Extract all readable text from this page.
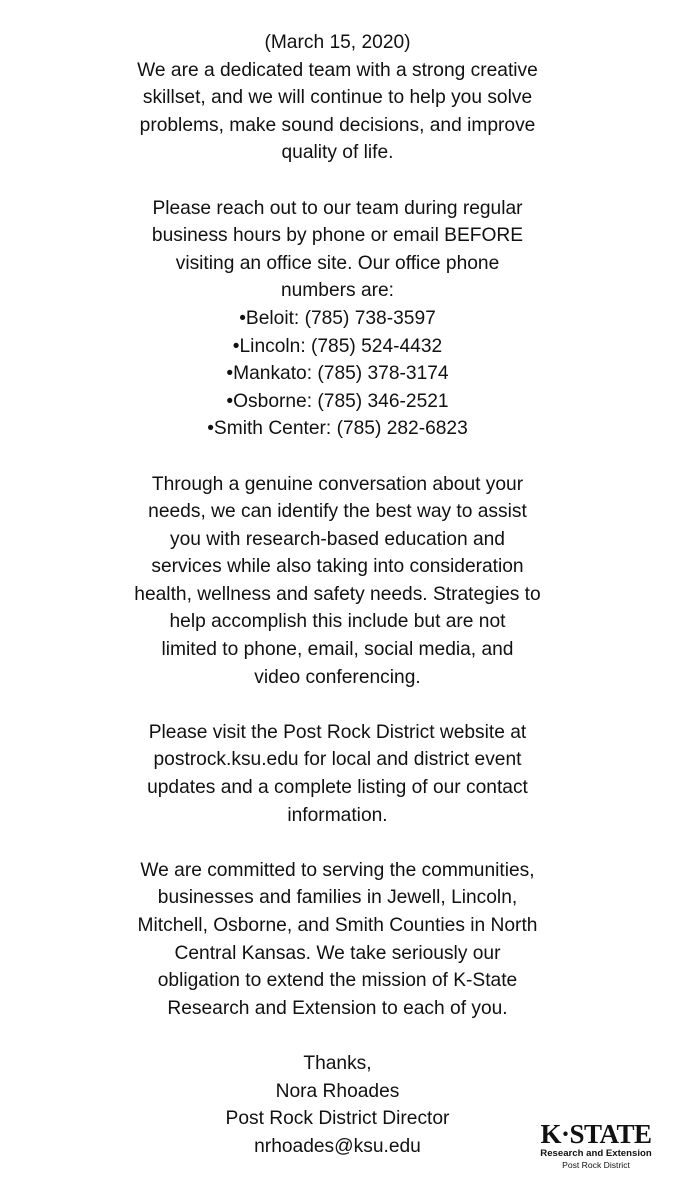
(March 15, 2020)

We are a dedicated team with a strong creative

skillset, and we will continue to help you solve

problems, make sound decisions, and improve

quality of life.

Please reach out to our team during regular

business hours by phone or email BEFORE

visiting an office site. Our office phone

numbers are:

•Beloit: (785) 738-3597

•Lincoln: (785) 524-4432

•Mankato: (785) 378-3174

•Osborne: (785) 346-2521

•Smith Center: (785) 282-6823

Through a genuine conversation about your

needs, we can identify the best way to assist

you with research-based education and

services while also taking into consideration

health, wellness and safety needs. Strategies to

help accomplish this include but are not

limited to phone, email, social media, and

video conferencing.

Please visit the Post Rock District website at

postrock.ksu.edu for local and district event

updates and a complete listing of our contact

information.

We are committed to serving the communities,

businesses and families in Jewell, Lincoln,

Mitchell, Osborne, and Smith Counties in North

Central Kansas. We take seriously our

obligation to extend the mission of K-State

Research and Extension to each of you.

Thanks,

Nora Rhoades

Post Rock District Director

nrhoades@ksu.edu	K·STATE
Research and Extension
Post Rock District
